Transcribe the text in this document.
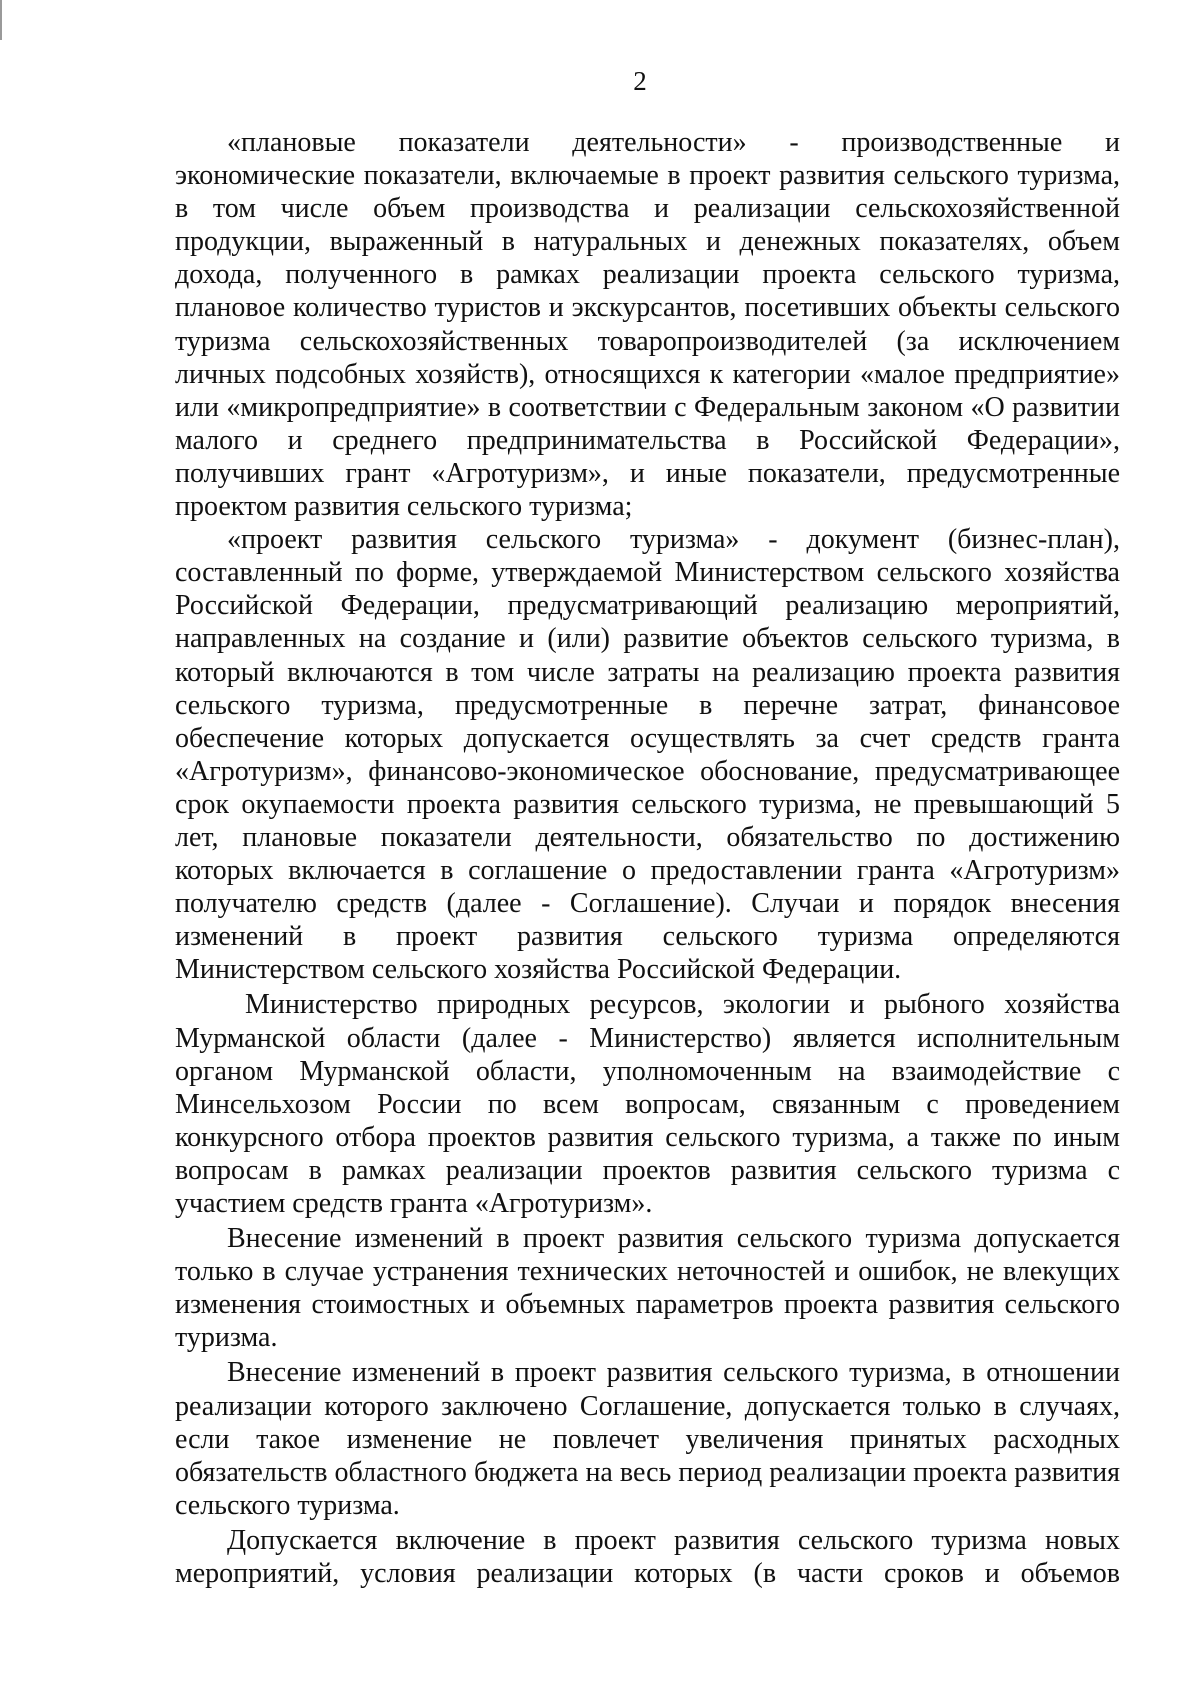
2

«плановые показатели деятельности» - производственные и экономические показатели, включаемые в проект развития сельского туризма, в том числе объем производства и реализации сельскохозяйственной продукции, выраженный в натуральных и денежных показателях, объем дохода, полученного в рамках реализации проекта сельского туризма, плановое количество туристов и экскурсантов, посетивших объекты сельского туризма сельскохозяйственных товаропроизводителей (за исключением личных подсобных хозяйств), относящихся к категории «малое предприятие» или «микропредприятие» в соответствии с Федеральным законом «О развитии малого и среднего предпринимательства в Российской Федерации», получивших грант «Агротуризм», и иные показатели, предусмотренные проектом развития сельского туризма;

«проект развития сельского туризма» - документ (бизнес-план), составленный по форме, утверждаемой Министерством сельского хозяйства Российской Федерации, предусматривающий реализацию мероприятий, направленных на создание и (или) развитие объектов сельского туризма, в который включаются в том числе затраты на реализацию проекта развития сельского туризма, предусмотренные в перечне затрат, финансовое обеспечение которых допускается осуществлять за счет средств гранта «Агротуризм», финансово-экономическое обоснование, предусматривающее срок окупаемости проекта развития сельского туризма, не превышающий 5 лет, плановые показатели деятельности, обязательство по достижению которых включается в соглашение о предоставлении гранта «Агротуризм» получателю средств (далее - Соглашение). Случаи и порядок внесения изменений в проект развития сельского туризма определяются Министерством сельского хозяйства Российской Федерации.

Министерство природных ресурсов, экологии и рыбного хозяйства Мурманской области (далее - Министерство) является исполнительным органом Мурманской области, уполномоченным на взаимодействие с Минсельхозом России по всем вопросам, связанным с проведением конкурсного отбора проектов развития сельского туризма, а также по иным вопросам в рамках реализации проектов развития сельского туризма с участием средств гранта «Агротуризм».

Внесение изменений в проект развития сельского туризма допускается только в случае устранения технических неточностей и ошибок, не влекущих изменения стоимостных и объемных параметров проекта развития сельского туризма.

Внесение изменений в проект развития сельского туризма, в отношении реализации которого заключено Соглашение, допускается только в случаях, если такое изменение не повлечет увеличения принятых расходных обязательств областного бюджета на весь период реализации проекта развития сельского туризма.

Допускается включение в проект развития сельского туризма новых мероприятий, условия реализации которых (в части сроков и объемов
